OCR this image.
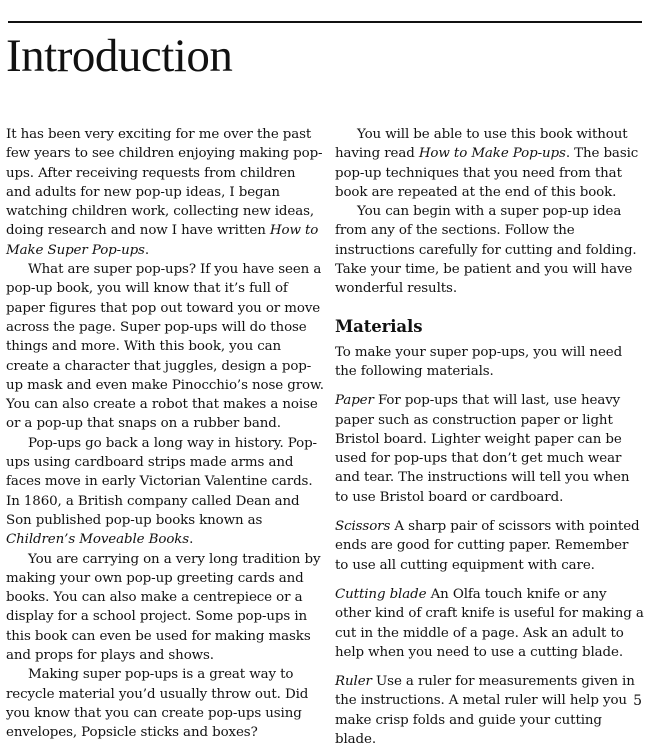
Introduction

It has been very exciting for me over the past few years to see children enjoying making pop-ups. After receiving requests from children and adults for new pop-up ideas, I began watching children work, collecting new ideas, doing research and now I have written How to Make Super Pop-ups.

What are super pop-ups? If you have seen a pop-up book, you will know that it’s full of paper figures that pop out toward you or move across the page. Super pop-ups will do those things and more. With this book, you can create a character that juggles, design a pop-up mask and even make Pinocchio’s nose grow. You can also create a robot that makes a noise or a pop-up that snaps on a rubber band.

Pop-ups go back a long way in history. Pop-ups using cardboard strips made arms and faces move in early Victorian Valentine cards. In 1860, a British company called Dean and Son published pop-up books known as Children’s Moveable Books.

You are carrying on a very long tradition by making your own pop-up greeting cards and books. You can also make a centrepiece or a display for a school project. Some pop-ups in this book can even be used for making masks and props for plays and shows.

Making super pop-ups is a great way to recycle material you’d usually throw out. Did you know that you can create pop-ups using envelopes, Popsicle sticks and boxes?

You will be able to use this book without having read How to Make Pop-ups. The basic pop-up techniques that you need from that book are repeated at the end of this book.

You can begin with a super pop-up idea from any of the sections. Follow the instructions carefully for cutting and folding. Take your time, be patient and you will have wonderful results.

Materials

To make your super pop-ups, you will need the following materials.

Paper For pop-ups that will last, use heavy paper such as construction paper or light Bristol board. Lighter weight paper can be used for pop-ups that don’t get much wear and tear. The instructions will tell you when to use Bristol board or cardboard.

Scissors A sharp pair of scissors with pointed ends are good for cutting paper. Remember to use all cutting equipment with care.

Cutting blade An Olfa touch knife or any other kind of craft knife is useful for making a cut in the middle of a page. Ask an adult to help when you need to use a cutting blade.

Ruler Use a ruler for measurements given in the instructions. A metal ruler will help you make crisp folds and guide your cutting blade.

5
